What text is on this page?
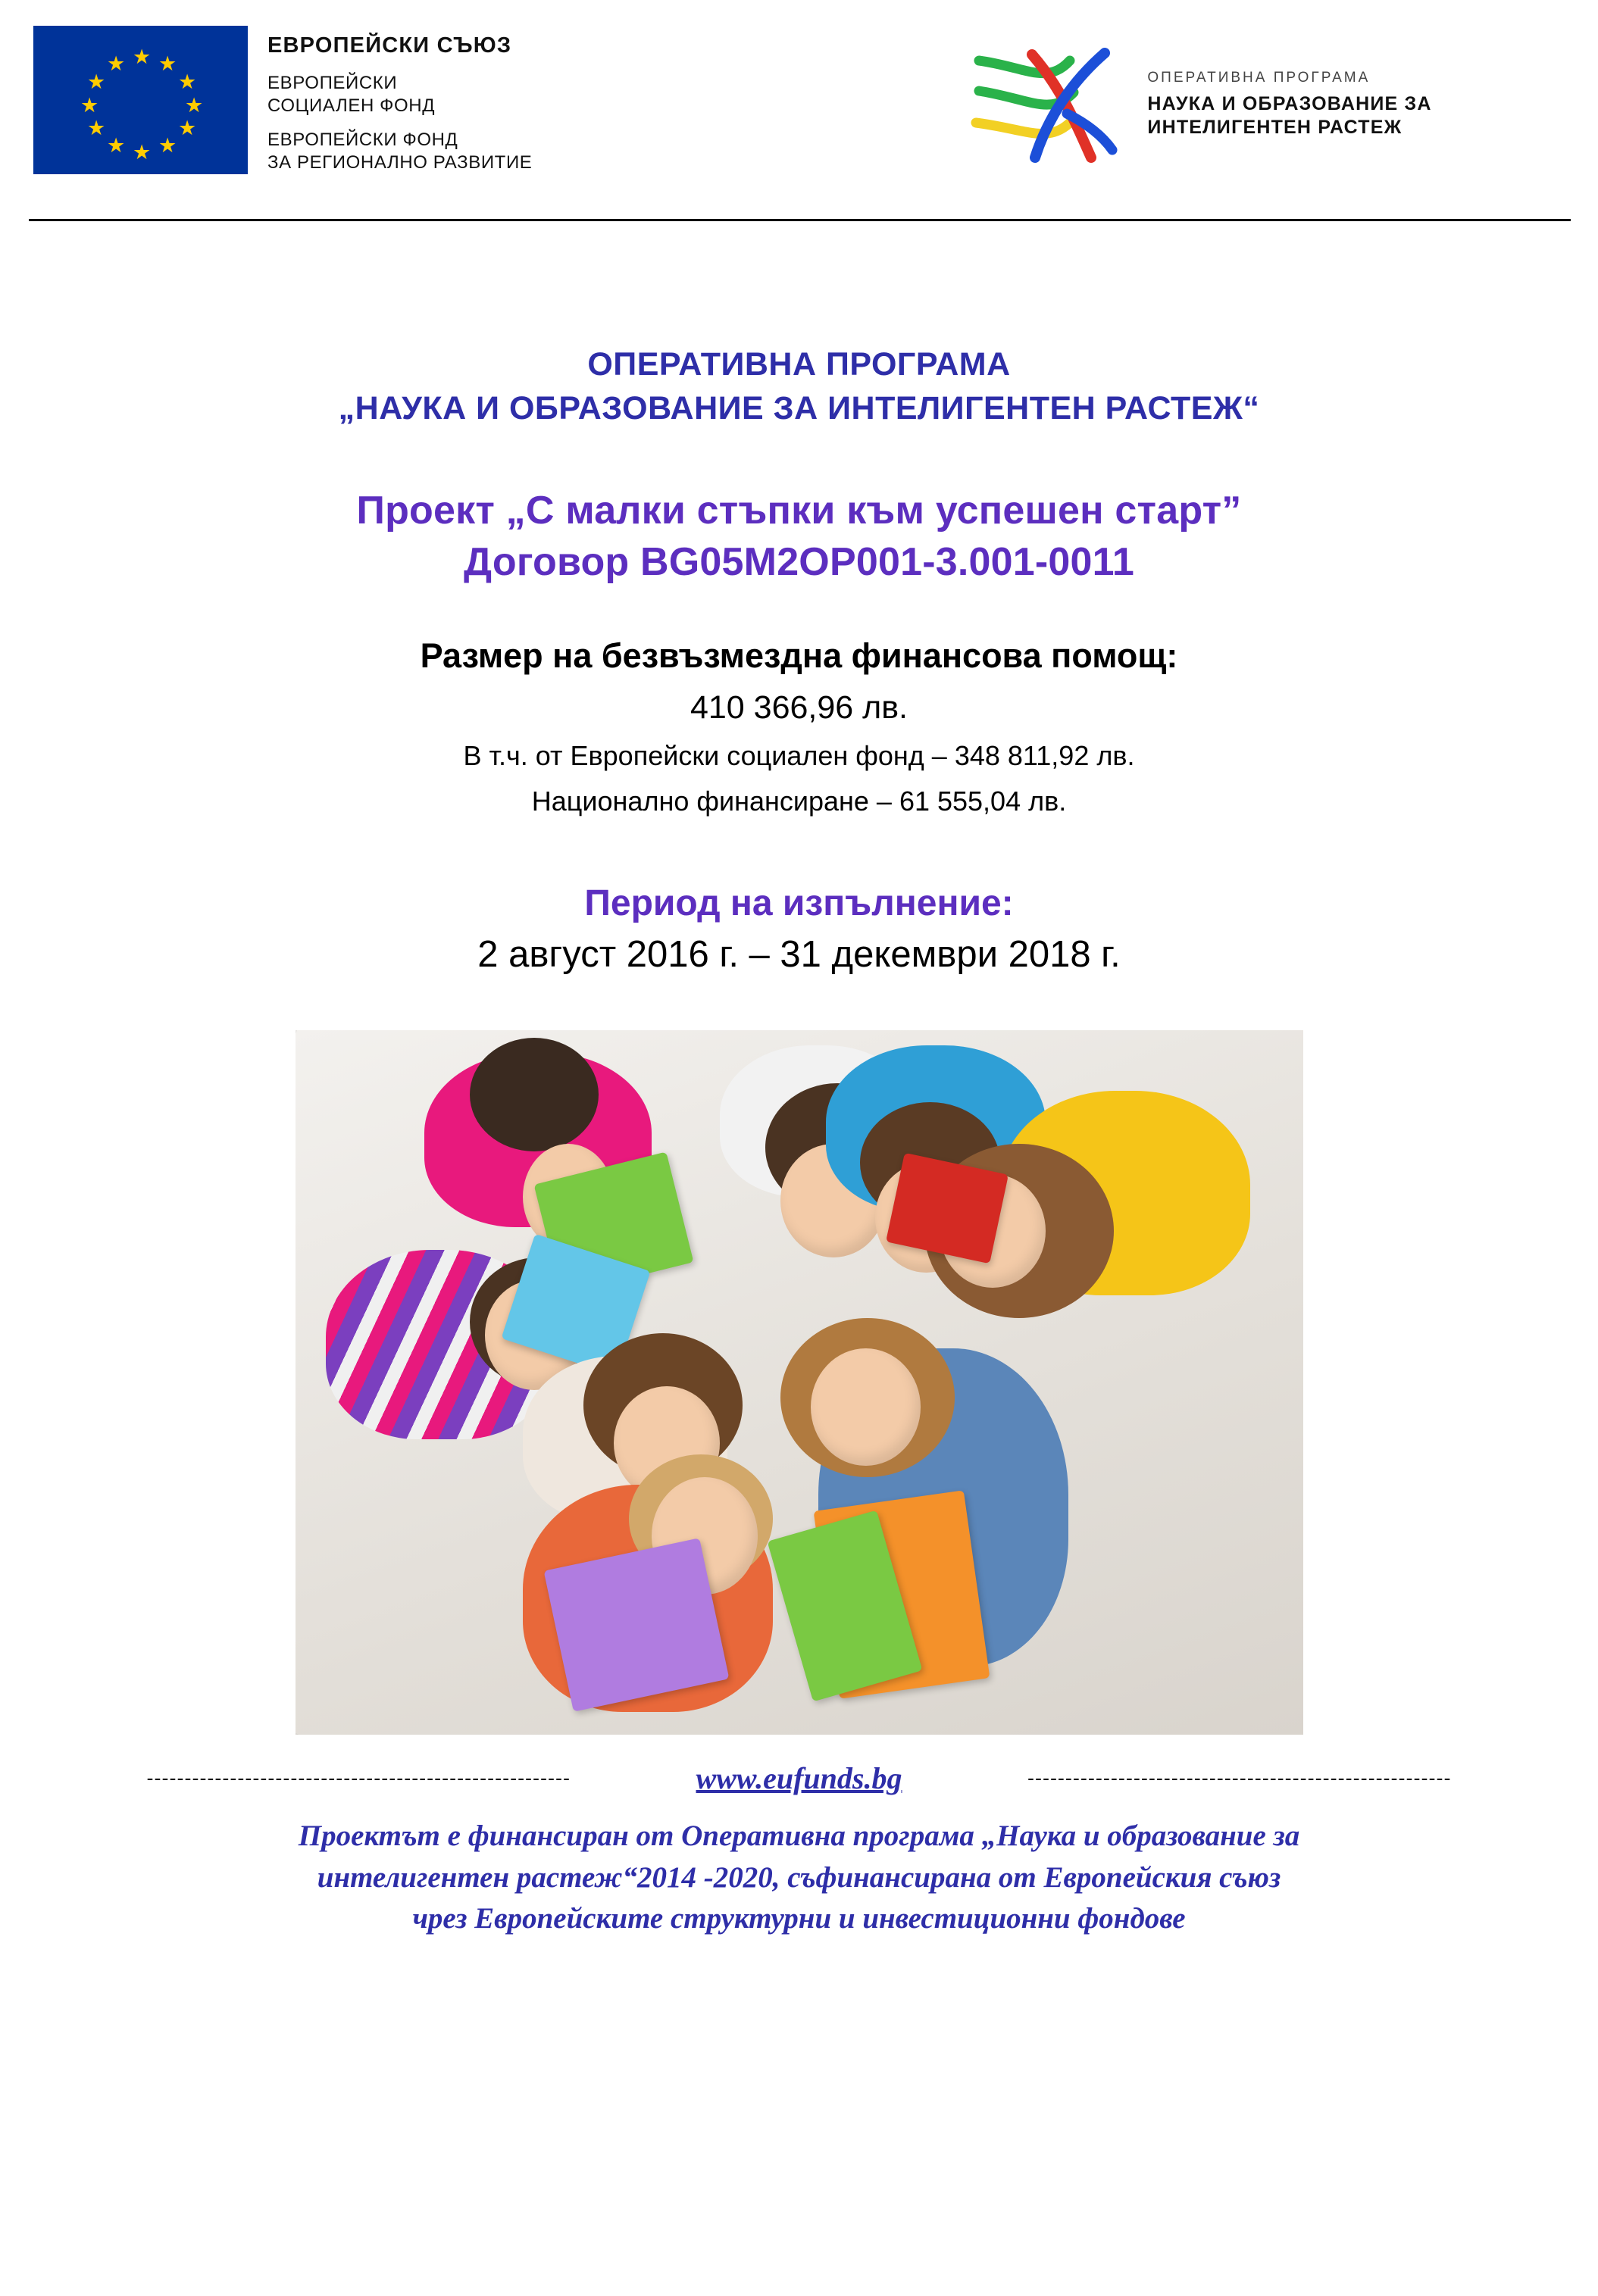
★
★ ★
★	★
★	★
★	★
★ ★
★
ЕВРОПЕЙСКИ СЪЮЗ
ЕВРОПЕЙСКИ
СОЦИАЛЕН ФОНД
ЕВРОПЕЙСКИ ФОНД
ЗА РЕГИОНАЛНО РАЗВИТИЕ
ОПЕРАТИВНА ПРОГРАМА
НАУКА И ОБРАЗОВАНИЕ ЗА
ИНТЕЛИГЕНТЕН РАСТЕЖ
ОПЕРАТИВНА ПРОГРАМА
„НАУКА И ОБРАЗОВАНИЕ ЗА ИНТЕЛИГЕНТЕН РАСТЕЖ“
Проект „С малки стъпки към успешен старт”
Договор BG05M2OP001-3.001-0011
Размер на безвъзмездна финансова помощ:
410 366,96 лв.
В т.ч. от Европейски социален фонд – 348 811,92 лв.
Национално финансиране – 61 555,04 лв.
Период на изпълнение:
2 август 2016 г. – 31 декември 2018 г.
--------------------------------------------------------	www.eufunds.bg	--------------------------------------------------------
Проектът е финансиран от Оперативна програма „Наука и образование за
интелигентен растеж“2014 -2020, съфинансирана от Европейския съюз
чрез Европейските структурни и инвестиционни фондове
